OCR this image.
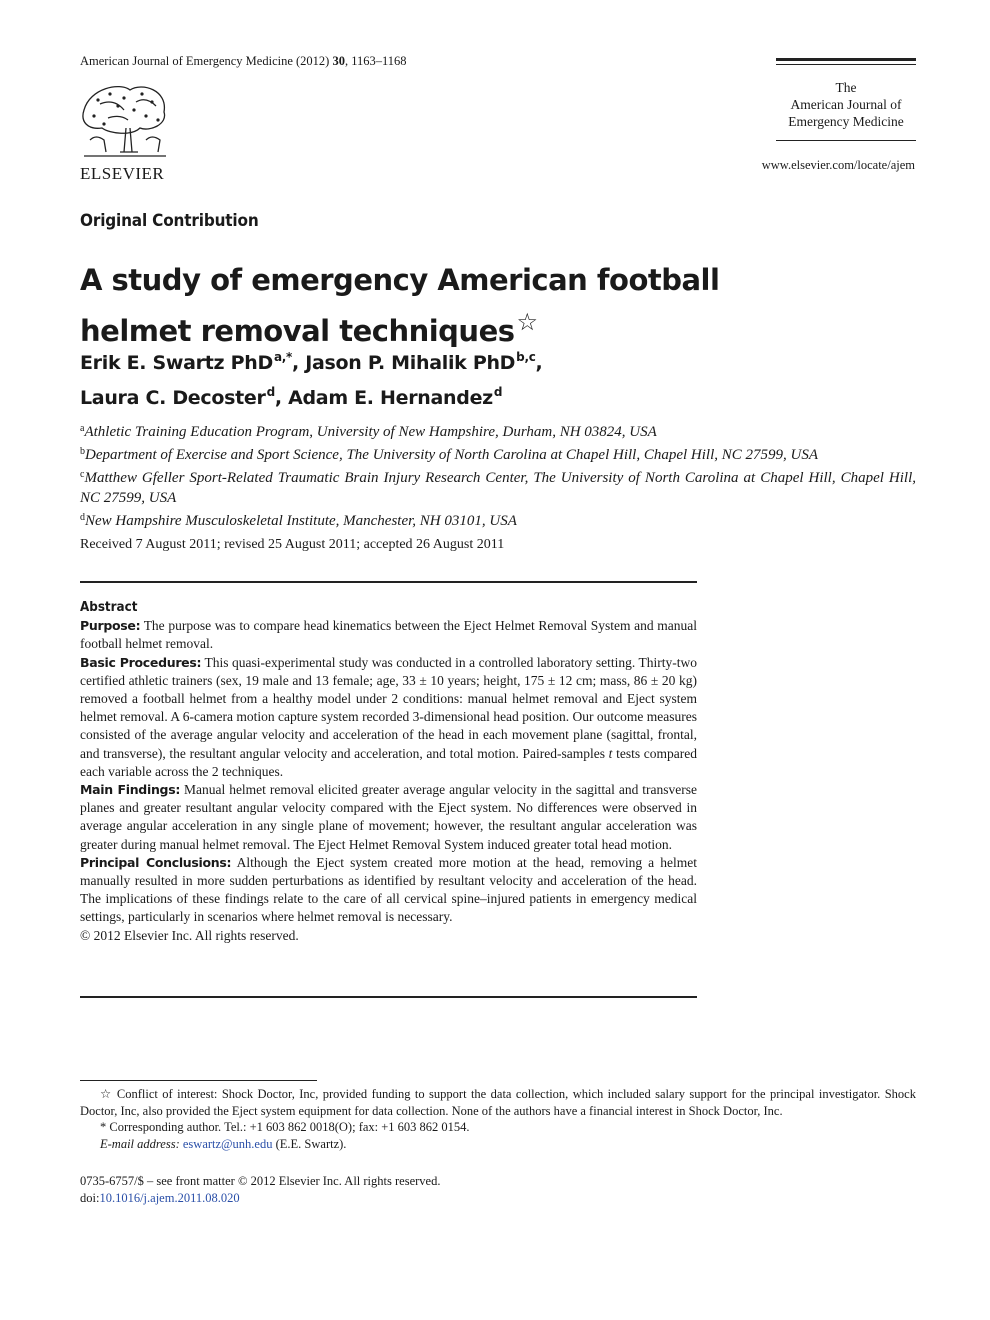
American Journal of Emergency Medicine (2012) 30, 1163–1168
ELSEVIER
The
American Journal of
Emergency Medicine
www.elsevier.com/locate/ajem
Original Contribution
A study of emergency American football helmet removal techniques☆
Erik E. Swartz PhD$^{a,*}$, Jason P. Mihalik PhD$^{b,c}$,
Laura C. Decoster$^d$, Adam E. Hernandez$^d$
$^a$Athletic Training Education Program, University of New Hampshire, Durham, NH 03824, USA
$^b$Department of Exercise and Sport Science, The University of North Carolina at Chapel Hill, Chapel Hill, NC 27599, USA
$^c$Matthew Gfeller Sport-Related Traumatic Brain Injury Research Center, The University of North Carolina at Chapel Hill, Chapel Hill, NC 27599, USA
$^d$New Hampshire Musculoskeletal Institute, Manchester, NH 03101, USA
Received 7 August 2011; revised 25 August 2011; accepted 26 August 2011
Abstract

Purpose: The purpose was to compare head kinematics between the Eject Helmet Removal System and manual football helmet removal.

Basic Procedures: This quasi-experimental study was conducted in a controlled laboratory setting. Thirty-two certified athletic trainers (sex, 19 male and 13 female; age, 33 ± 10 years; height, 175 ± 12 cm; mass, 86 ± 20 kg) removed a football helmet from a healthy model under 2 conditions: manual helmet removal and Eject system helmet removal. A 6-camera motion capture system recorded 3-dimensional head position. Our outcome measures consisted of the average angular velocity and acceleration of the head in each movement plane (sagittal, frontal, and transverse), the resultant angular velocity and acceleration, and total motion. Paired-samples t tests compared each variable across the 2 techniques.

Main Findings: Manual helmet removal elicited greater average angular velocity in the sagittal and transverse planes and greater resultant angular velocity compared with the Eject system. No differences were observed in average angular acceleration in any single plane of movement; however, the resultant angular acceleration was greater during manual helmet removal. The Eject Helmet Removal System induced greater total head motion.

Principal Conclusions: Although the Eject system created more motion at the head, removing a helmet manually resulted in more sudden perturbations as identified by resultant velocity and acceleration of the head. The implications of these findings relate to the care of all cervical spine–injured patients in emergency medical settings, particularly in scenarios where helmet removal is necessary.

© 2012 Elsevier Inc. All rights reserved.

☆ Conflict of interest: Shock Doctor, Inc, provided funding to support the data collection, which included salary support for the principal investigator. Shock Doctor, Inc, also provided the Eject system equipment for data collection. None of the authors have a financial interest in Shock Doctor, Inc.

* Corresponding author. Tel.: +1 603 862 0018(O); fax: +1 603 862 0154.

E-mail address: eswartz@unh.edu (E.E. Swartz).

0735-6757/$ – see front matter © 2012 Elsevier Inc. All rights reserved.
doi:10.1016/j.ajem.2011.08.020
